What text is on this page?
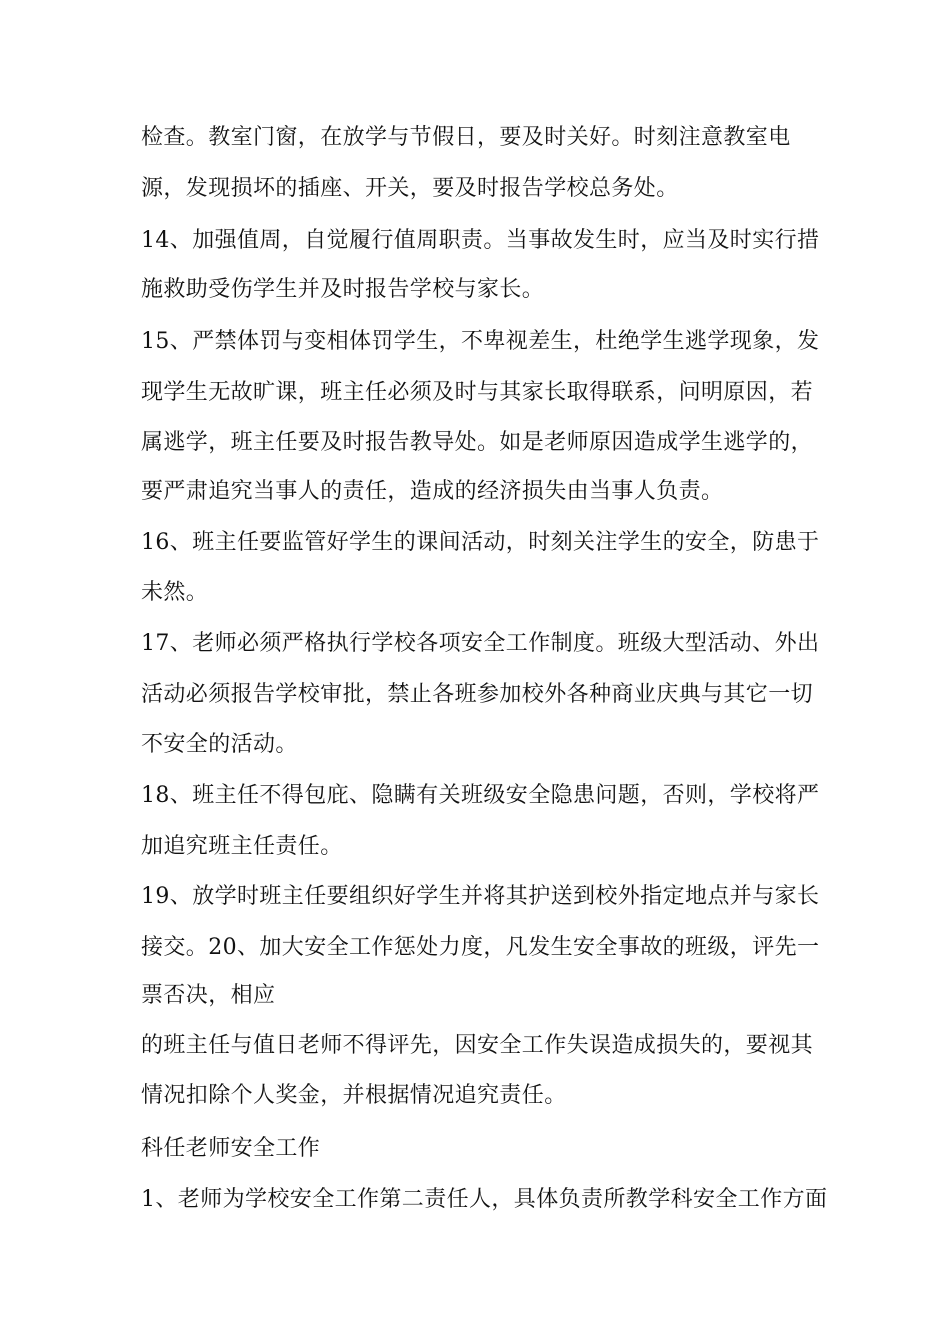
检查。教室门窗，在放学与节假日，要及时关好。时刻注意教室电
源，发现损坏的插座、开关，要及时报告学校总务处。
14、加强值周，自觉履行值周职责。当事故发生时，应当及时实行措
施救助受伤学生并及时报告学校与家长。
15、严禁体罚与变相体罚学生，不卑视差生，杜绝学生逃学现象，发
现学生无故旷课，班主任必须及时与其家长取得联系，问明原因，若
属逃学，班主任要及时报告教导处。如是老师原因造成学生逃学的，
要严肃追究当事人的责任，造成的经济损失由当事人负责。
16、班主任要监管好学生的课间活动，时刻关注学生的安全，防患于
未然。
17、老师必须严格执行学校各项安全工作制度。班级大型活动、外出
活动必须报告学校审批，禁止各班参加校外各种商业庆典与其它一切
不安全的活动。
18、班主任不得包庇、隐瞒有关班级安全隐患问题，否则，学校将严
加追究班主任责任。
19、放学时班主任要组织好学生并将其护送到校外指定地点并与家长
接交。20、加大安全工作惩处力度，凡发生安全事故的班级，评先一
票否决，相应
的班主任与值日老师不得评先，因安全工作失误造成损失的，要视其
情况扣除个人奖金，并根据情况追究责任。
科任老师安全工作
1、老师为学校安全工作第二责任人，具体负责所教学科安全工作方面
